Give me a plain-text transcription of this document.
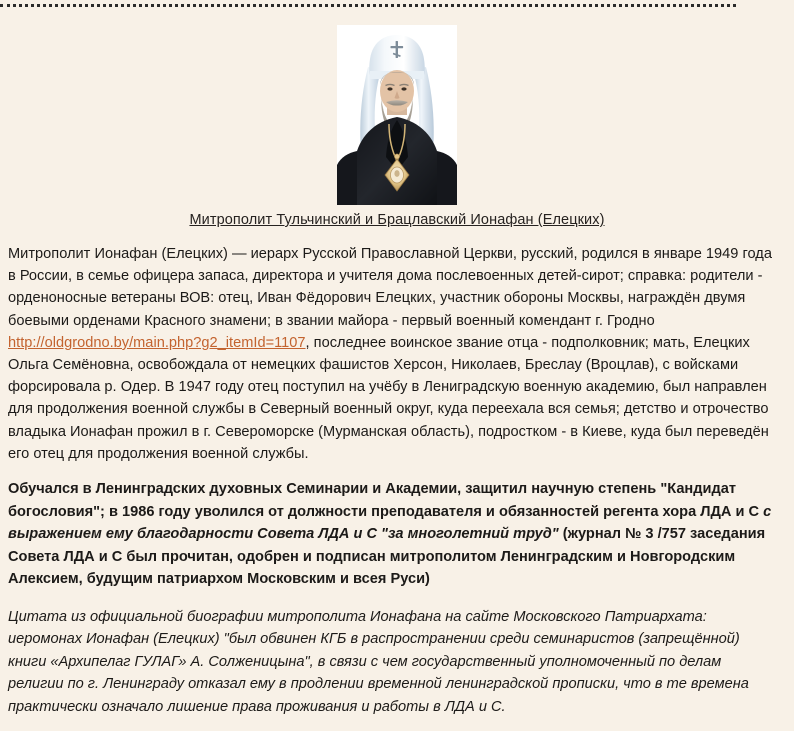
Митрополит Тульчинский и Брацлавский Ионафан (Елецких)

Митрополит Ионафан (Елецких) — иерарх Русской Православной Церкви, русский, родился в январе 1949 года в России, в семье офицера запаса, директора и учителя дома послевоенных детей-сирот; справка: родители - орденоносные ветераны ВОВ: отец, Иван Фёдорович Елецких, участник обороны Москвы, награждён двумя боевыми орденами Красного знамени; в звании майора - первый военный комендант г. Гродно http://oldgrodno.by/main.php?g2_itemId=1107, последнее воинское звание отца - подполковник; мать, Елецких Ольга Семёновна, освобождала от немецких фашистов Херсон, Николаев, Бреслау (Вроцлав), с войсками форсировала р. Одер. В 1947 году отец поступил на учёбу в Лениградскую военную академию, был направлен для продолжения военной службы в Северный военный округ, куда переехала вся семья; детство и отрочество владыка Ионафан прожил в г. Североморске (Мурманская область), подростком - в Киеве, куда был переведён его отец для продолжения военной службы.

Обучался в Ленинградских духовных Семинарии и Академии, защитил научную степень "Кандидат богословия"; в 1986 году уволился от должности преподавателя и обязанностей регента хора ЛДА и С с выражением ему благодарности Совета ЛДА и С "за многолетний труд" (журнал № 3 /757 заседания Совета ЛДА и С был прочитан, одобрен и подписан митрополитом Ленинградским и Новгородским Алексием, будущим патриархом Московским и всея Руси)

Цитата из официальной биографии митрополита Ионафана на сайте Московского Патриархата: иеромонах Ионафан (Елецких) "был обвинен КГБ в распространении среди семинаристов (запрещённой) книги «Архипелаг ГУЛАГ» А. Солженицына", в связи с чем государственный уполномоченный по делам религии по г. Ленинграду отказал ему в продлении временной ленинградской прописки, что в те времена практически означало лишение права проживания и работы в ЛДА и С.
